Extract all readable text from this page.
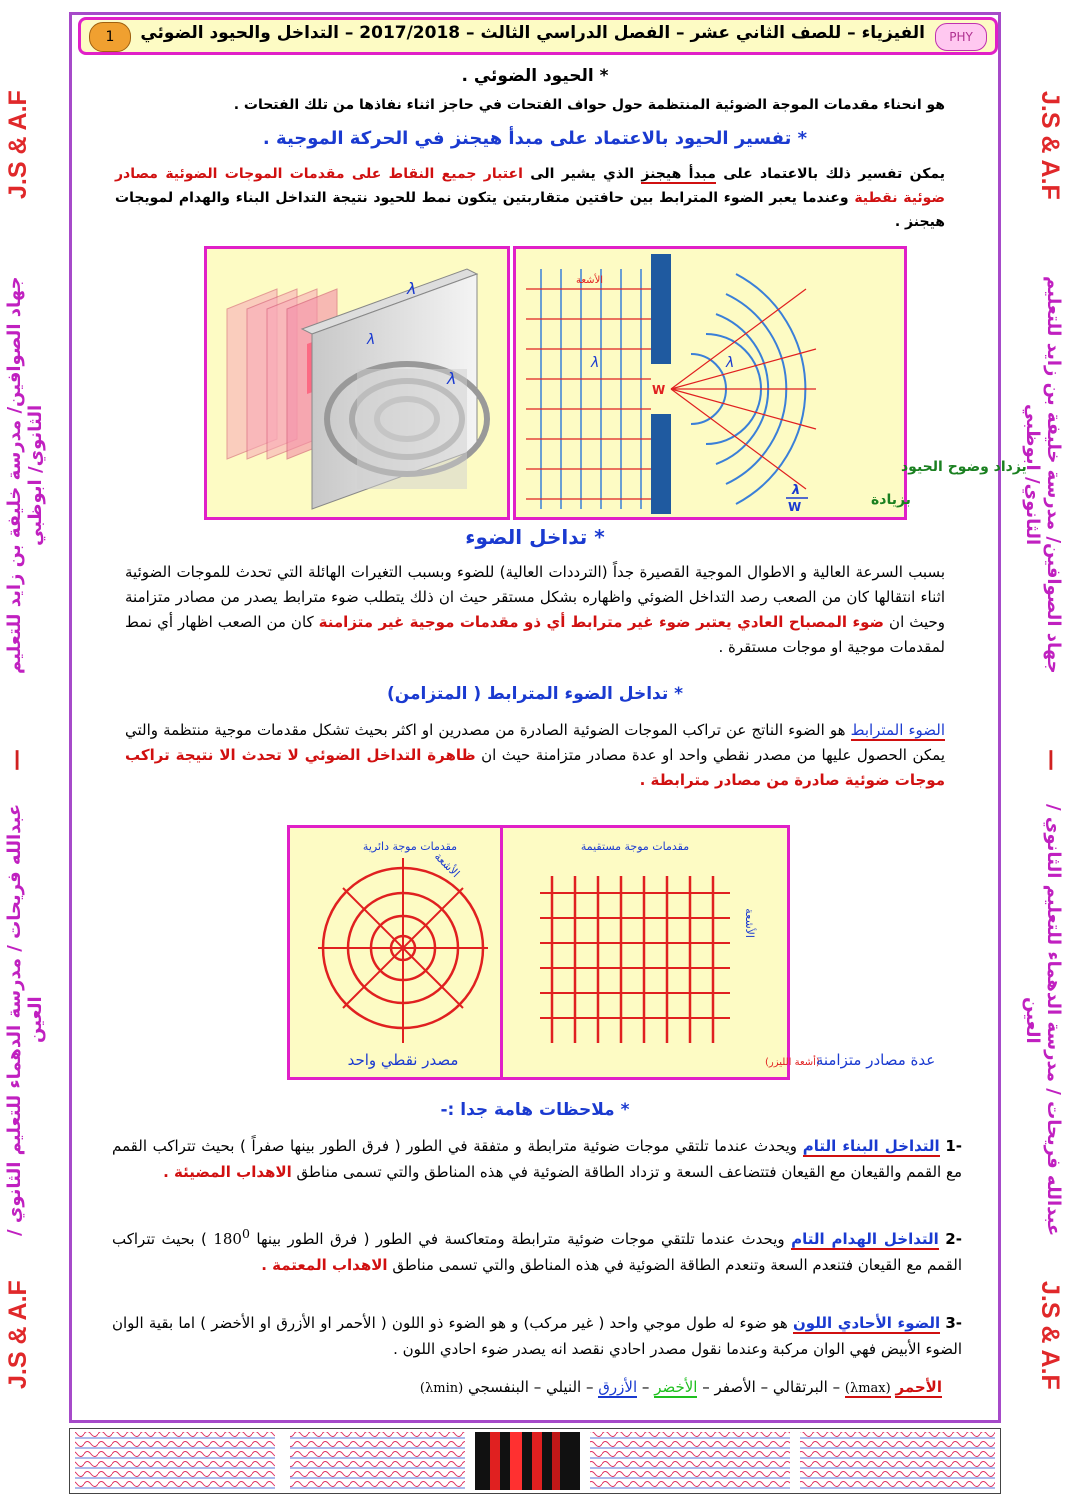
PHY
الفيزياء – للصف الثاني عشر – الفصل الدراسي الثالث – 2017/2018 – التداخل والحيود الضوئي
1
J.S & A.F
جهاد الصوافين/ مدرسة خليفة بن زايد للتعليم الثانوي/ ابوظبي
—
عبدالله فريحات / مدرسة الدهماء للتعليم الثانوي / العين
J.S & A.F	J.S & A.F
جهاد الصوافين/ مدرسة خليفة بن زايد للتعليم الثانوي/ ابوظبي
—
عبدالله فريحات / مدرسة الدهماء للتعليم الثانوي / العين
J.S & A.F
* الحيود الضوئي .
هو انحناء مقدمات الموجة الضوئية المنتظمة حول حواف الفتحات في حاجز اثناء نفاذها من تلك الفتحات .
* تفسير الحيود بالاعتماد على مبدأ هيجنز في الحركة الموجية .
يمكن تفسير ذلك بالاعتماد على مبدأ هيجنز الذي يشير الى اعتبار جميع النقاط على مقدمات الموجات الضوئية مصادر ضوئية نقطية وعندما يعبر الضوء المترابط بين حافتين متقاربتين يتكون نمط للحيود نتيجة التداخل البناء والهدام لمويجات هيجنز .
λ
λ
λ
الأشعة
W
λ	λ
يزداد وضوح الحيود
بزيادة
λ
W
* تداخل الضوء
بسبب السرعة العالية و الاطوال الموجية القصيرة جداً (الترددات العالية) للضوء وبسبب التغيرات الهائلة التي تحدث للموجات الضوئية اثناء انتقالها كان من الصعب رصد التداخل الضوئي واظهاره بشكل مستقر حيث ان ذلك يتطلب ضوء مترابط يصدر من مصادر متزامنة وحيث ان ضوء المصباح العادي يعتبر ضوء غير مترابط أي ذو مقدمات موجية غير متزامنة كان من الصعب اظهار أي نمط لمقدمات موجية او موجات مستقرة .
* تداخل الضوء المترابط ( المتزامن)
الضوء المترابط هو الضوء الناتج عن تراكب الموجات الضوئية الصادرة من مصدرين او اكثر بحيث تشكل مقدمات موجية منتظمة والتي يمكن الحصول عليها من مصدر نقطي واحد او عدة مصادر متزامنة حيث ان ظاهرة التداخل الضوئي لا تحدث الا نتيجة تراكب موجات ضوئية صادرة من مصادر مترابطة .
مقدمات موجة دائرية
الأشعة
مصدر نقطي واحد
مقدمات موجة مستقيمة
الأشعة
عدة مصادر متزامنة(أشعة الليزر)
* ملاحظات هامة جدا :-
-1 التداخل البناء التام ويحدث عندما تلتقي موجات ضوئية مترابطة و متفقة في الطور ( فرق الطور بينها صفراً ) بحيث تتراكب القمم مع القمم والقيعان مع القيعان فتتضاعف السعة و تزداد الطاقة الضوئية في هذه المناطق والتي تسمى مناطق الاهداب المضيئة .
-2 التداخل الهدام التام ويحدث عندما تلتقي موجات ضوئية مترابطة ومتعاكسة في الطور ( فرق الطور بينها $180^0$ ) بحيث تتراكب القمم مع القيعان فتنعدم السعة وتنعدم الطاقة الضوئية في هذه المناطق والتي تسمى مناطق الاهداب المعتمة .
-3 الضوء الأحادي اللون هو ضوء له طول موجي واحد ( غير مركب) و هو الضوء ذو اللون ( الأحمر او الأزرق او الأخضر ) اما بقية الوان الضوء الأبيض فهي الوان مركبة وعندما نقول مصدر احادي نقصد انه يصدر ضوء احادي اللون .
الأحمر (λmax) – البرتقالي – الأصفر – الأخضر – الأزرق – النيلي – البنفسجي (λmin)
